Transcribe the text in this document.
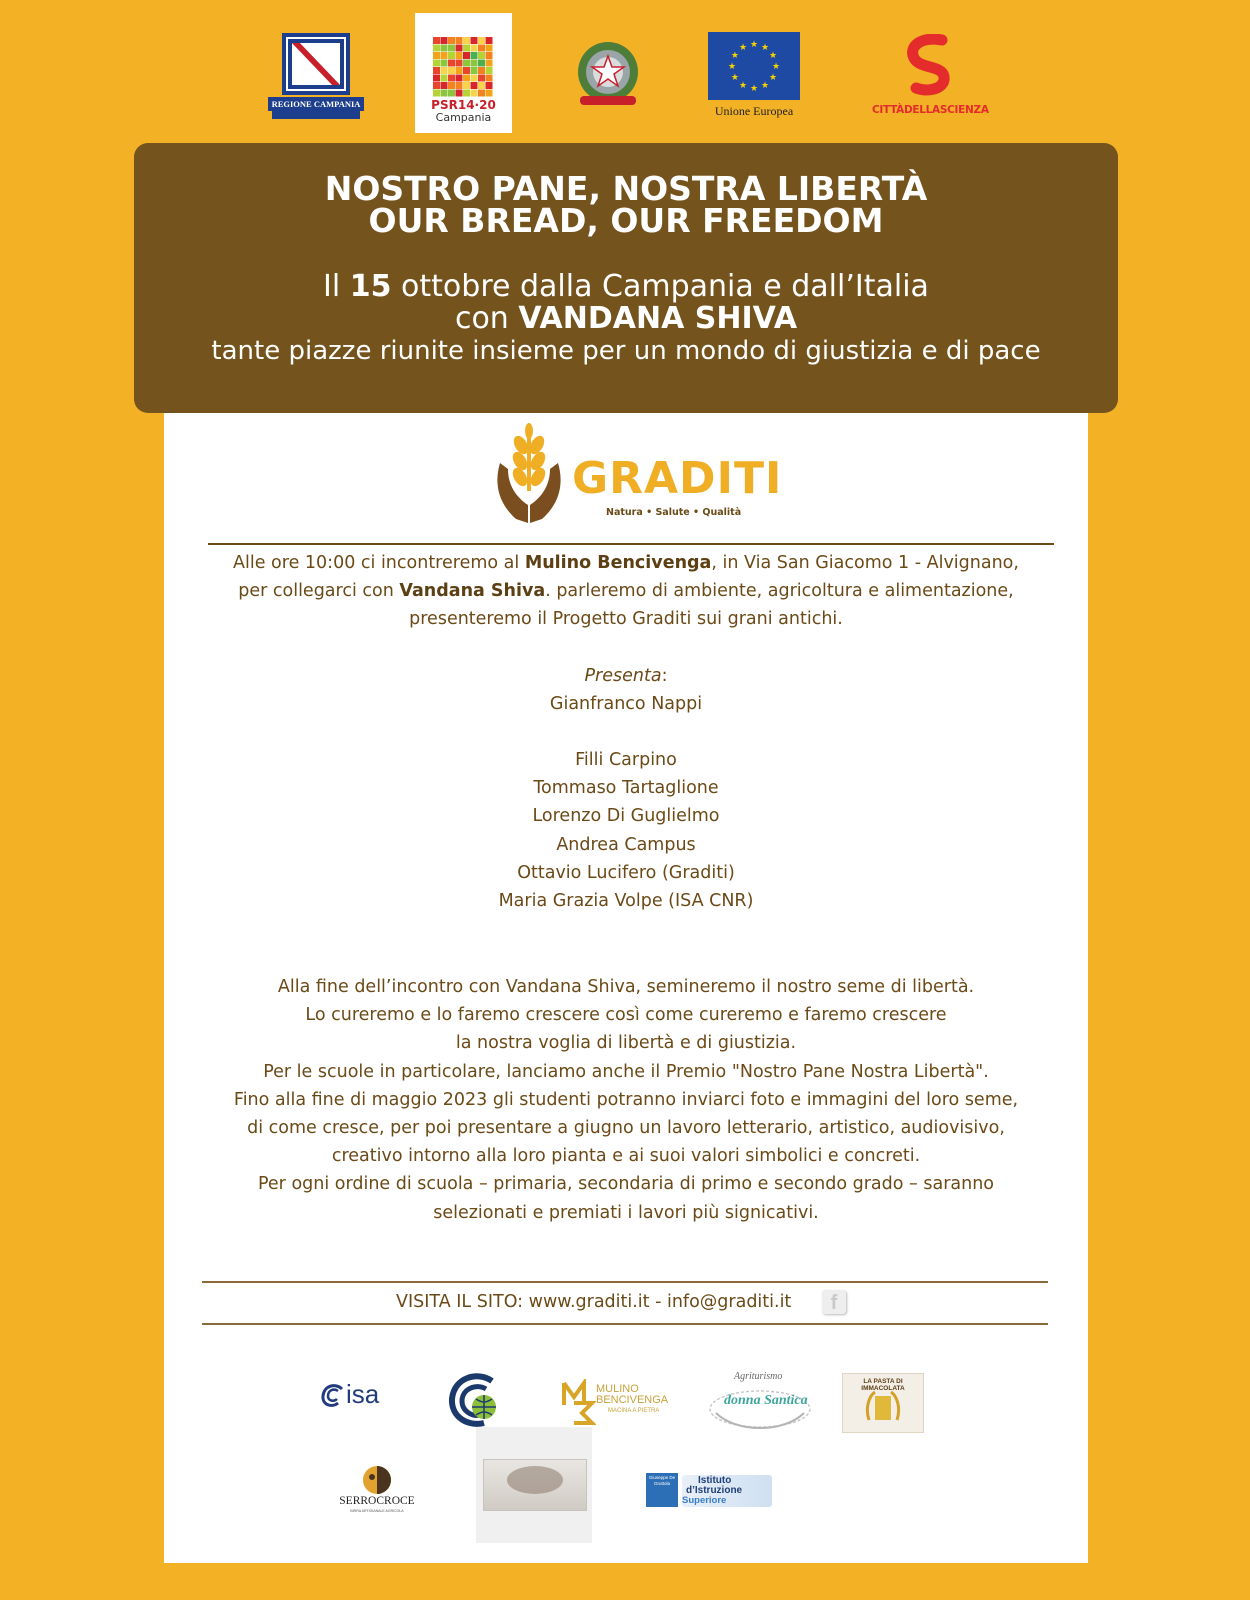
REGIONE CAMPANIA	PSR14·20
Campania
★
★
★
★
★
★
★
★
★ ★ ★
★
Unione Europea	CITTÀDELLASCIENZA
NOSTRO PANE, NOSTRA LIBERTÀ
OUR BREAD, OUR FREEDOM
Il 15 ottobre dalla Campania e dall’Italia
con VANDANA SHIVA
tante piazze riunite insieme per un mondo di giustizia e di pace
GRADITI
Natura • Salute • Qualità
Alle ore 10:00 ci incontreremo al Mulino Bencivenga, in Via San Giacomo 1 - Alvignano,
per collegarci con Vandana Shiva. parleremo di ambiente, agricoltura e alimentazione,
presenteremo il Progetto Graditi sui grani antichi.
Presenta:
Gianfranco Nappi
Filli Carpino
Tommaso Tartaglione
Lorenzo Di Guglielmo
Andrea Campus
Ottavio Lucifero (Graditi)
Maria Grazia Volpe (ISA CNR)
Alla fine dell’incontro con Vandana Shiva, semineremo il nostro seme di libertà.
Lo cureremo e lo faremo crescere così come cureremo e faremo crescere
la nostra voglia di libertà e di giustizia.
Per le scuole in particolare, lanciamo anche il Premio "Nostro Pane Nostra Libertà".
Fino alla fine di maggio 2023 gli studenti potranno inviarci foto e immagini del loro seme,
di come cresce, per poi presentare a giugno un lavoro letterario, artistico, audiovisivo,
creativo intorno alla loro pianta e ai suoi valori simbolici e concreti.
Per ogni ordine di scuola – primaria, secondaria di primo e secondo grado – saranno
selezionati e premiati i lavori più signicativi.
VISITA IL SITO: www.graditi.it - info@graditi.it	f
isa	MULINO
BENCIVENGA
MACINA A PIETRA
Agriturismo
donna Santica
LA PASTA DI IMMACOLATA
SERROCROCE
BIRRA ARTIGIANALE AGRICOLA
Giuseppe De Gruttola	Istituto
d’Istruzione
Superiore
